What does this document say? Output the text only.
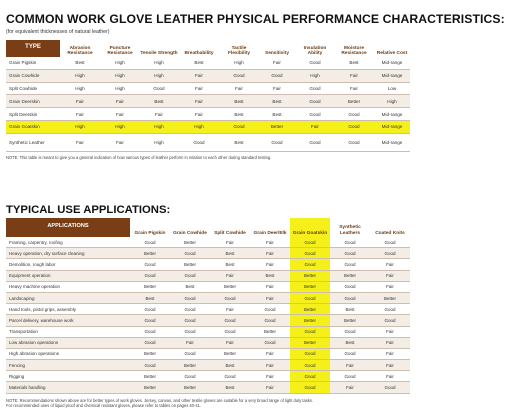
COMMON WORK GLOVE LEATHER PHYSICAL PERFORMANCE CHARACTERISTICS:
(for equivalent thicknesses of natural leather)
TYPE	Abrasion Resistance	Puncture Resistance	Tensile Strength	Breathability	Tactile Flexibility	Sensitivity	Insulation Ability	Moisture Resistance	Relative Cost
Grain Pigskin	Best	High	High	Best	High	Fair	Good	Best	Mid-range
Grain Cowhide	High	High	High	Fair	Good	Good	High	Fair	Mid-range
Split Cowhide	High	High	Good	Fair	Fair	Fair	Good	Fair	Low
Grain Deerskin	Fair	Fair	Best	Fair	Best	Best	Good	Better	High
Split Deerskin	Fair	Fair	Fair	Fair	Best	Best	Good	Good	Mid-range
Grain Goatskin	High	High	High	High	Good	Better	Fair	Good	Mid-range
Synthetic Leather	Fair	Fair	High	Good	Best	Good	Good	Good	Mid-range
NOTE: This table is meant to give you a general indication of how various types of leather perform in relation to each other during standard testing.
TYPICAL USE APPLICATIONS:
APPLICATIONS	Grain Pigskin	Grain Cowhide	Split Cowhide	Grain Deer/Elk	Grain Goatskin	Synthetic Leathers	Coated Knits
Framing, carpentry, roofing	Good	Better	Fair	Fair	Good	Good	Good
Heavy operation, dry surface cleaning	Better	Good	Best	Fair	Good	Good	Good
Demolition, rough labor	Good	Better	Best	Fair	Good	Good	Fair
Equipment operation	Good	Good	Fair	Best	Better	Better	Fair
Heavy machine operation	Better	Best	Better	Fair	Better	Good	Fair
Landscaping	Best	Good	Good	Fair	Good	Good	Better
Hand tools, pistol grips, assembly	Good	Good	Fair	Good	Better	Best	Good
Parcel delivery, warehouse work	Good	Good	Good	Good	Better	Better	Good
Transportation	Good	Good	Good	Better	Good	Good	Fair
Low abrasion operations	Good	Fair	Fair	Good	Better	Best	Fair
High abrasion operations	Better	Good	Better	Fair	Good	Good	Fair
Fencing	Good	Better	Best	Fair	Good	Fair	Fair
Rigging	Better	Good	Good	Fair	Good	Good	Fair
Materials handling	Better	Better	Best	Fair	Good	Fair	Good
NOTE: Recommendations shown above are for better types of work gloves. Jersey, canvas, and other textile gloves are suitable for a very broad range of light duty tasks.
For recommended uses of liquid proof and chemical resistant gloves, please refer to tables on pages 40-41.
